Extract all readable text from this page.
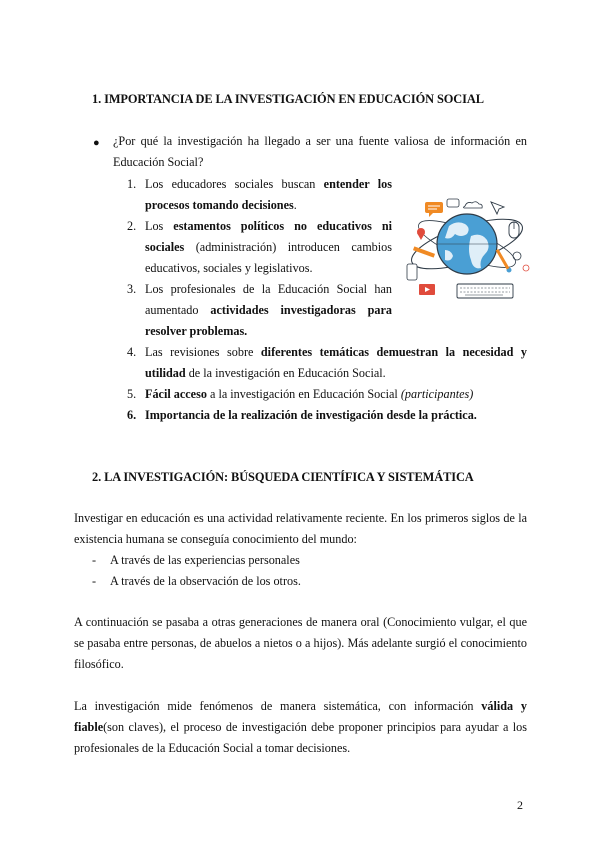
1. IMPORTANCIA DE LA INVESTIGACIÓN EN EDUCACIÓN SOCIAL
● ¿Por qué la investigación ha llegado a ser una fuente valiosa de información en
Educación Social?
1. Los educadores sociales buscan entender los
procesos tomando decisiones.
2. Los estamentos políticos no educativos ni
sociales (administración) introducen cambios
educativos, sociales y legislativos.
3. Los profesionales de la Educación Social han
aumentado actividades investigadoras para
resolver problemas.
4. Las revisiones sobre diferentes temáticas demuestran la necesidad y
utilidad de la investigación en Educación Social.
5. Fácil acceso a la investigación en Educación Social (participantes)
6. Importancia de la realización de investigación desde la práctica.
2. LA INVESTIGACIÓN: BÚSQUEDA CIENTÍFICA Y SISTEMÁTICA
Investigar en educación es una actividad relativamente reciente. En los primeros siglos de la
existencia humana se conseguía conocimiento del mundo:
- A través de las experiencias personales
- A través de la observación de los otros.
A continuación se pasaba a otras generaciones de manera oral (Conocimiento vulgar, el que
se pasaba entre personas, de abuelos a nietos o a hijos). Más adelante surgió el conocimiento
filosófico.
La investigación mide fenómenos de manera sistemática, con información válida y
fiable(son claves), el proceso de investigación debe proponer principios para ayudar a los
profesionales de la Educación Social a tomar decisiones.
2
